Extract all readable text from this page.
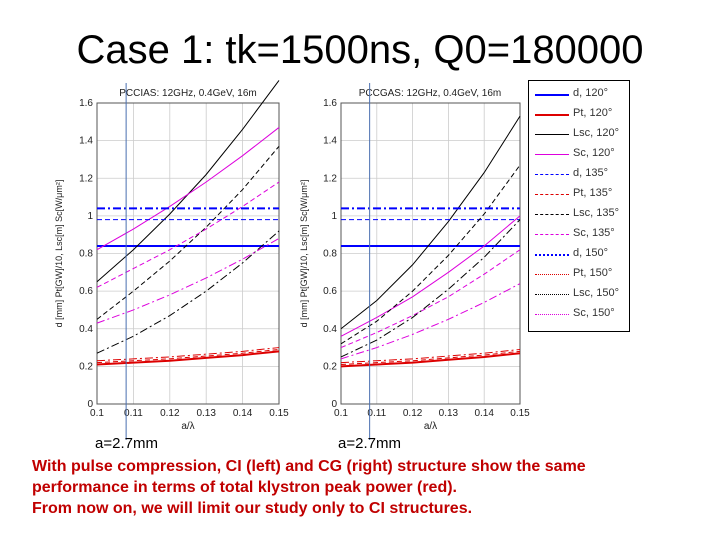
Case 1: tk=1500ns, Q0=180000
0.1 0.11 0.12 0.13 0.14 0.15
0
0.2
0.4
0.6
0.8
1
1.2
1.4
1.6
PCCIAS: 12GHz, 0.4GeV, 16m
a/λ
d [mm] Pt[GW]/10, Lsc[m] Sc[W/μm²]
0.1 0.11 0.12 0.13 0.14 0.15
0
0.2
0.4
0.6
0.8
1
1.2
1.4
1.6
PCCGAS: 12GHz, 0.4GeV, 16m
a/λ
d [mm] Pt[GW]/10, Lsc[m] Sc[W/μm²]
d, 120°
Pt, 120°
Lsc, 120°
Sc, 120°
d, 135°
Pt, 135°
Lsc, 135°
Sc, 135°
d, 150°
Pt, 150°
Lsc, 150°
Sc, 150°
a=2.7mm	a=2.7mm
With pulse compression, CI (left) and CG (right) structure show the same
performance in terms of total klystron peak power (red).
From now on, we will limit our study only to CI structures.
